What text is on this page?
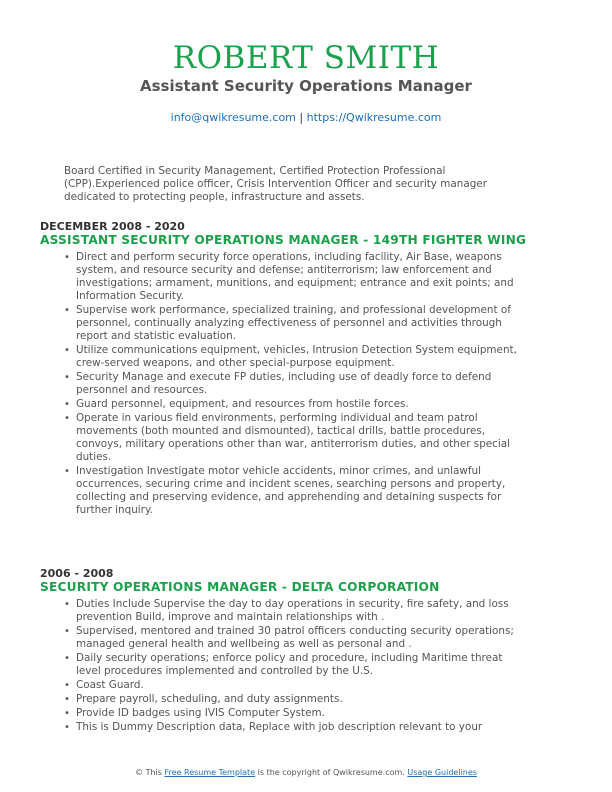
ROBERT SMITH
Assistant Security Operations Manager
info@qwikresume.com | https://Qwikresume.com
Board Certified in Security Management, Certified Protection Professional (CPP).Experienced police officer, Crisis Intervention Officer and security manager dedicated to protecting people, infrastructure and assets.
DECEMBER 2008 - 2020
ASSISTANT SECURITY OPERATIONS MANAGER - 149TH FIGHTER WING
• Direct and perform security force operations, including facility, Air Base, weapons system, and resource security and defense; antiterrorism; law enforcement and investigations; armament, munitions, and equipment; entrance and exit points; and Information Security.
• Supervise work performance, specialized training, and professional development of personnel, continually analyzing effectiveness of personnel and activities through report and statistic evaluation.
• Utilize communications equipment, vehicles, Intrusion Detection System equipment, crew-served weapons, and other special-purpose equipment.
• Security Manage and execute FP duties, including use of deadly force to defend personnel and resources.
• Guard personnel, equipment, and resources from hostile forces.
• Operate in various field environments, performing individual and team patrol movements (both mounted and dismounted), tactical drills, battle procedures, convoys, military operations other than war, antiterrorism duties, and other special duties.
• Investigation Investigate motor vehicle accidents, minor crimes, and unlawful occurrences, securing crime and incident scenes, searching persons and property, collecting and preserving evidence, and apprehending and detaining suspects for further inquiry.
2006 - 2008
SECURITY OPERATIONS MANAGER - DELTA CORPORATION
• Duties Include Supervise the day to day operations in security, fire safety, and loss prevention Build, improve and maintain relationships with .
• Supervised, mentored and trained 30 patrol officers conducting security operations; managed general health and wellbeing as well as personal and .
• Daily security operations; enforce policy and procedure, including Maritime threat level procedures implemented and controlled by the U.S.
• Coast Guard.
• Prepare payroll, scheduling, and duty assignments.
• Provide ID badges using IVIS Computer System.
• This is Dummy Description data, Replace with job description relevant to your
© This Free Resume Template is the copyright of Qwikresume.com. Usage Guidelines
